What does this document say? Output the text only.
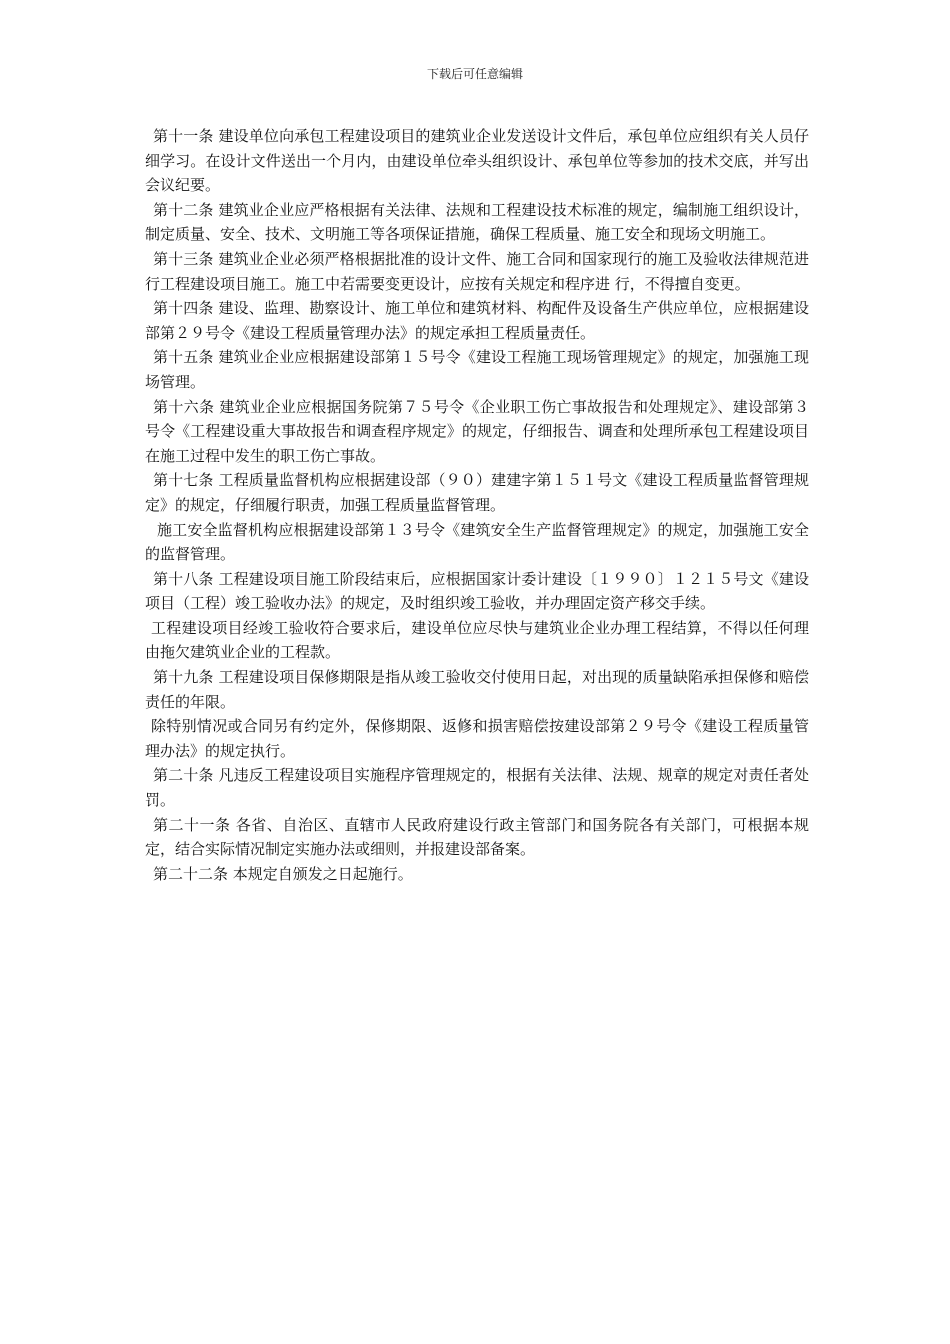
下载后可任意编辑

第十一条 建设单位向承包工程建设项目的建筑业企业发送设计文件后，承包单位应组织有关人员仔细学习。在设计文件送出一个月内，由建设单位牵头组织设计、承包单位等参加的技术交底，并写出会议纪要。

第十二条 建筑业企业应严格根据有关法律、法规和工程建设技术标准的规定，编制施工组织设计，制定质量、安全、技术、文明施工等各项保证措施，确保工程质量、施工安全和现场文明施工。

第十三条 建筑业企业必须严格根据批准的设计文件、施工合同和国家现行的施工及验收法律规范进行工程建设项目施工。施工中若需要变更设计，应按有关规定和程序进 行，不得擅自变更。

第十四条 建设、监理、勘察设计、施工单位和建筑材料、构配件及设备生产供应单位，应根据建设部第２９号令《建设工程质量管理办法》的规定承担工程质量责任。

第十五条 建筑业企业应根据建设部第１５号令《建设工程施工现场管理规定》的规定，加强施工现场管理。

第十六条 建筑业企业应根据国务院第７５号令《企业职工伤亡事故报告和处理规定》、建设部第３号令《工程建设重大事故报告和调查程序规定》的规定，仔细报告、调查和处理所承包工程建设项目在施工过程中发生的职工伤亡事故。

第十七条 工程质量监督机构应根据建设部（９０）建建字第１５１号文《建设工程质量监督管理规定》的规定，仔细履行职责，加强工程质量监督管理。

施工安全监督机构应根据建设部第１３号令《建筑安全生产监督管理规定》的规定，加强施工安全的监督管理。

第十八条 工程建设项目施工阶段结束后，应根据国家计委计建设〔１９９０〕１２１５号文《建设项目（工程）竣工验收办法》的规定，及时组织竣工验收，并办理固定资产移交手续。

工程建设项目经竣工验收符合要求后，建设单位应尽快与建筑业企业办理工程结算，不得以任何理由拖欠建筑业企业的工程款。

第十九条 工程建设项目保修期限是指从竣工验收交付使用日起，对出现的质量缺陷承担保修和赔偿责任的年限。

除特别情况或合同另有约定外，保修期限、返修和损害赔偿按建设部第２９号令《建设工程质量管理办法》的规定执行。

第二十条 凡违反工程建设项目实施程序管理规定的，根据有关法律、法规、规章的规定对责任者处罚。

第二十一条 各省、自治区、直辖市人民政府建设行政主管部门和国务院各有关部门，可根据本规定，结合实际情况制定实施办法或细则，并报建设部备案。

第二十二条 本规定自颁发之日起施行。
